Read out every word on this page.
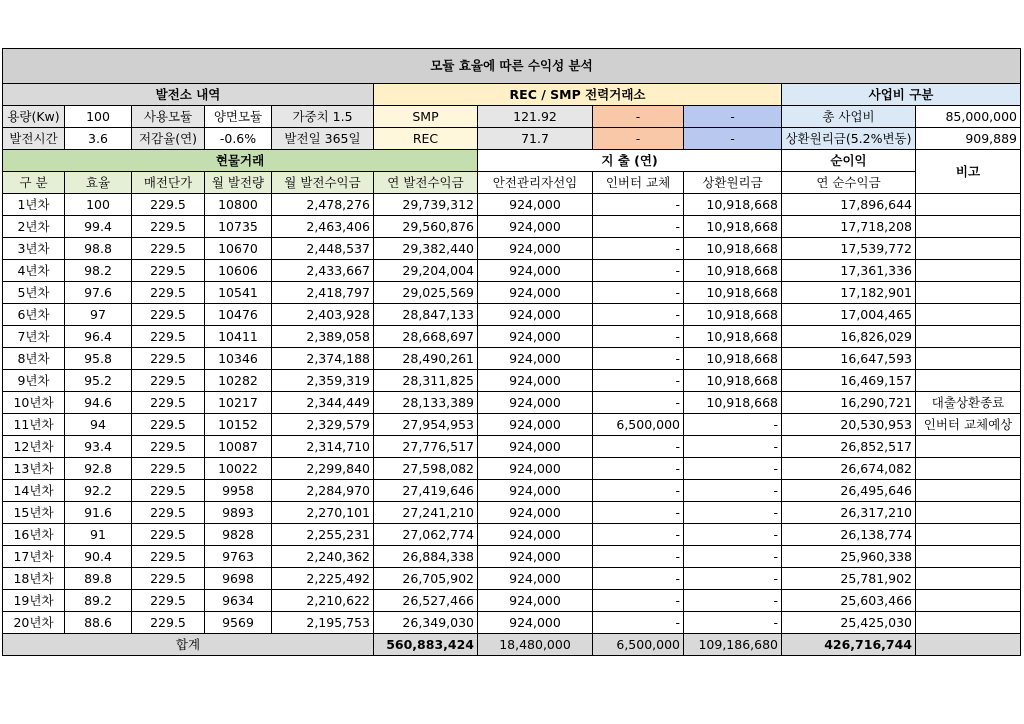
모듈 효율에 따른 수익성 분석										
발전소 내역					REC / SMP 전력거래소				사업비 구분	
용량(Kw)	100	사용모듈	양면모듈	가중치 1.5	SMP	121.92	-	-	총 사업비	85,000,000
발전시간	3.6	저감율(연)	-0.6%	발전일 365일	REC	71.7	-	-	상환원리금(5.2%변동)	909,889
현물거래						지 출 (연)			순이익	비고
구 분	효율	매전단가	월 발전량	월 발전수익금	연 발전수익금	안전관리자선임	인버터 교체	상환원리금	연 순수익금	
1년차	100	229.5	10800	2,478,276	29,739,312	924,000	-	10,918,668	17,896,644	
2년차	99.4	229.5	10735	2,463,406	29,560,876	924,000	-	10,918,668	17,718,208	
3년차	98.8	229.5	10670	2,448,537	29,382,440	924,000	-	10,918,668	17,539,772	
4년차	98.2	229.5	10606	2,433,667	29,204,004	924,000	-	10,918,668	17,361,336	
5년차	97.6	229.5	10541	2,418,797	29,025,569	924,000	-	10,918,668	17,182,901	
6년차	97	229.5	10476	2,403,928	28,847,133	924,000	-	10,918,668	17,004,465	
7년차	96.4	229.5	10411	2,389,058	28,668,697	924,000	-	10,918,668	16,826,029	
8년차	95.8	229.5	10346	2,374,188	28,490,261	924,000	-	10,918,668	16,647,593	
9년차	95.2	229.5	10282	2,359,319	28,311,825	924,000	-	10,918,668	16,469,157	
10년차	94.6	229.5	10217	2,344,449	28,133,389	924,000	-	10,918,668	16,290,721	대출상환종료
11년차	94	229.5	10152	2,329,579	27,954,953	924,000	6,500,000	-	20,530,953	인버터 교체예상
12년차	93.4	229.5	10087	2,314,710	27,776,517	924,000	-	-	26,852,517	
13년차	92.8	229.5	10022	2,299,840	27,598,082	924,000	-	-	26,674,082	
14년차	92.2	229.5	9958	2,284,970	27,419,646	924,000	-	-	26,495,646	
15년차	91.6	229.5	9893	2,270,101	27,241,210	924,000	-	-	26,317,210	
16년차	91	229.5	9828	2,255,231	27,062,774	924,000	-	-	26,138,774	
17년차	90.4	229.5	9763	2,240,362	26,884,338	924,000	-	-	25,960,338	
18년차	89.8	229.5	9698	2,225,492	26,705,902	924,000	-	-	25,781,902	
19년차	89.2	229.5	9634	2,210,622	26,527,466	924,000	-	-	25,603,466	
20년차	88.6	229.5	9569	2,195,753	26,349,030	924,000	-	-	25,425,030	
합계					560,883,424	18,480,000	6,500,000	109,186,680	426,716,744	
